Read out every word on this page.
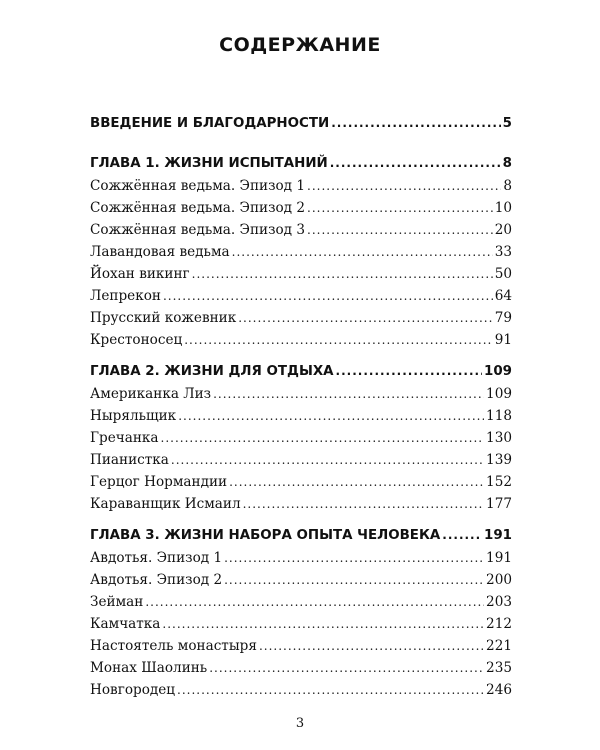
СОДЕРЖАНИЕ
ВВЕДЕНИЕ И БЛАГОДАРНОСТИ .....	5
ГЛАВА 1. ЖИЗНИ ИСПЫТАНИЙ .....	8
Сожжённая ведьма. Эпизод 1 .....	8
Сожжённая ведьма. Эпизод 2 .....	10
Сожжённая ведьма. Эпизод 3 .....	20
Лавандовая ведьма .....	33
Йохан викинг .....	50
Лепрекон .....	64
Прусский кожевник .....	79
Крестоносец .....	91
ГЛАВА 2. ЖИЗНИ ДЛЯ ОТДЫХА .....	109
Американка Лиз .....	109
Ныряльщик .....	118
Гречанка .....	130
Пианистка .....	139
Герцог Нормандии .....	152
Караванщик Исмаил .....	177
ГЛАВА 3. ЖИЗНИ НАБОРА ОПЫТА ЧЕЛОВЕКА .....	191
Авдотья. Эпизод 1 .....	191
Авдотья. Эпизод 2 .....	200
Зейман .....	203
Камчатка .....	212
Настоятель монастыря .....	221
Монах Шаолинь .....	235
Новгородец .....	246
3
